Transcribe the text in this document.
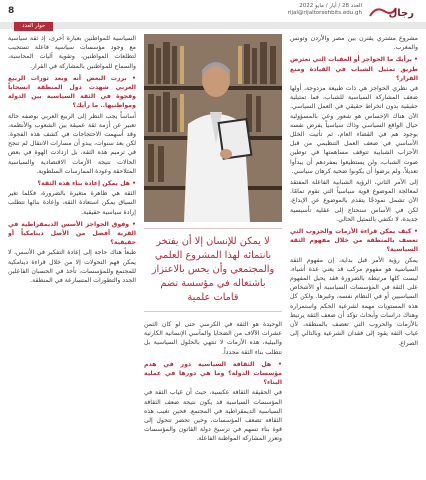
8	العدد 28 / أيار / مايو 2022
rijal@rijaltorsehbits.edu.gh	رجال
حوار العدد

مشروع مشتري يقترن بين مصر والأردن وتونس والمغرب.

• برأيك ما الحواجز أو العقبات التي تعترض طريق تمثيل الشباب في القيادة ومنع القرار؟

في نظري الحواجز هي ذات طبيعة مزدوجة، أولها ضعف المشاركة السياسية للشباب، فما تمثيلية حقيقية بدون انخراط حقيقي في العمل السياسي. الآن هناك الإحساس هو شعور وعي بالمسؤولية حيال الواقع السياسي وذاك سياسياً يفرض نفسه بوجود هم في القضاء العام، ثم تأتيت الخلل الأساسي في ضعف العمل التنظيمي من قبل الأحزاب الشبابية تتوقف مساهمتها في توطين صوت الشباب، ولن يستطيعوا بمفردهم أن يبدأوا تعديلاً، ولم يرضوا أن يكونوا ضحية كرهان سياسي.

إلى الأمر الثاني، الرؤية الشبابية الفاعلة المفتقد لمعالجة الموضوع قوية سياسياً التي تقوم تمامًا. الآن تشمل نموذجًا يتقدم بالموضوع عن الإبداع، لكن في الأساس سنحتاج إلى عقلية تأسيسية جديدة، لا تكتفي بالتمثيل الحالي.

• كيف يمكن قراءة الأزمات والحروب التي تعصف بالمنطقة من خلال مفهوم الثقة السياسية؟

يمكن رؤية الأمر قبل بداية، إن مفهوم الثقة السياسية هو مفهوم مركب قد يعني عدة أشياء، ليست كلها مرتبطة بالضرورة فقد يحيل المفهوم على الثقة في المؤسسات السياسية أو الأشخاص السياسيين أو في النظام نفسه، وغيرها. ولكن كل هذه المستويات مهمة لشرعية الحكم واستمراره وهناك دراسات وأبحاث تؤكد أن ضعف الثقة يرتبط بالأزمات والحروب التي تعصف بالمنطقة، لأن غياب الثقة يقود إلى فقدان الشرعية وبالتالي إلى الصراع.

لا يمكن للإنسان إلا أن يفتخر بانتمائه لهذا المشروع العلمي والمجتمعي وأن يحس بالاعتزاز باشتغاله في مؤسسة تضم قامات علمية

الوحيدة هو الثقة في الكرسي حتى لو كان الثمن عشرات الآلاف من الضحايا والمآسي الإنسانية الكارثية والبيئية، هذه الأزمات لا تنتهي بالحلول السياسية بل تتطلب بناء الثقة مجدداً.

• هل الثقافة السياسية دور في هدم مؤسسات الدولة؟ وما هي دورها في عملية البناء؟

في الحقيقة الثقافة عكسية، حيث أن غياب الثقة في المؤسسات السياسية قد يكون نتيجة ضعف الثقافة السياسية الديمقراطية في المجتمع. فحين تغيب هذه الثقافة تضعف المؤسسات، وحين تحضر تتحول إلى قوة بناء تسهم في ترسيخ دولة القانون والمؤسسات وتعزز المشاركة المواطنة الفاعلة.

السياسية للمواطنين بعبارة أخرى، إذ ثقة سياسية مع وجود مؤسسات سياسية فاعلة تستجيب لتطلعات المواطنين، وتقوية آليات المحاسبة، والسماح للمواطنين بالمشاركة في القرار.

• برزت البعض أنه وبعد ثورات الربيع العربي شهدت دول المنطقة انسحاباً وفجوة في الثقة السياسية بين الدولة ومواطنيها.. ما رأيك؟

أساساً يجب النظر إلى الربيع العربي بوصفه حالة تعبير عن أزمة ثقة عميقة بين الشعوب والأنظمة، وقد أسهمت الاحتجاجات في كشف هذه الفجوة. لكن بعد سنوات، يبدو أن مسارات الانتقال لم تنجح في ترميم هذه الثقة، بل ازدادت الهوة في بعض الحالات نتيجة الأزمات الاقتصادية والسياسية المتلاحقة وعودة الممارسات السلطوية.

• هل يمكن إعادة بناء هذه الثقة؟

الثقة هي ظاهرة متغيرة بالضرورة، فكلما تغير السياق يمكن استعادة الثقة، وإعادة بنائها تتطلب إرادة سياسية حقيقية.

• وفوق الحواجز الأسس الديمقراطية في القرية أفضل من الأصل دينامكياً أو حقيقية؟

طبعاً هناك حاجة إلى إعادة التفكير في الأسس، لا يمكن فهم التحولات إلا من خلال قراءة دينامكية للمجتمع وللمؤسسات، تأخذ في الحسبان الفاعلين الجدد والتطورات المتسارعة في المنطقة.
